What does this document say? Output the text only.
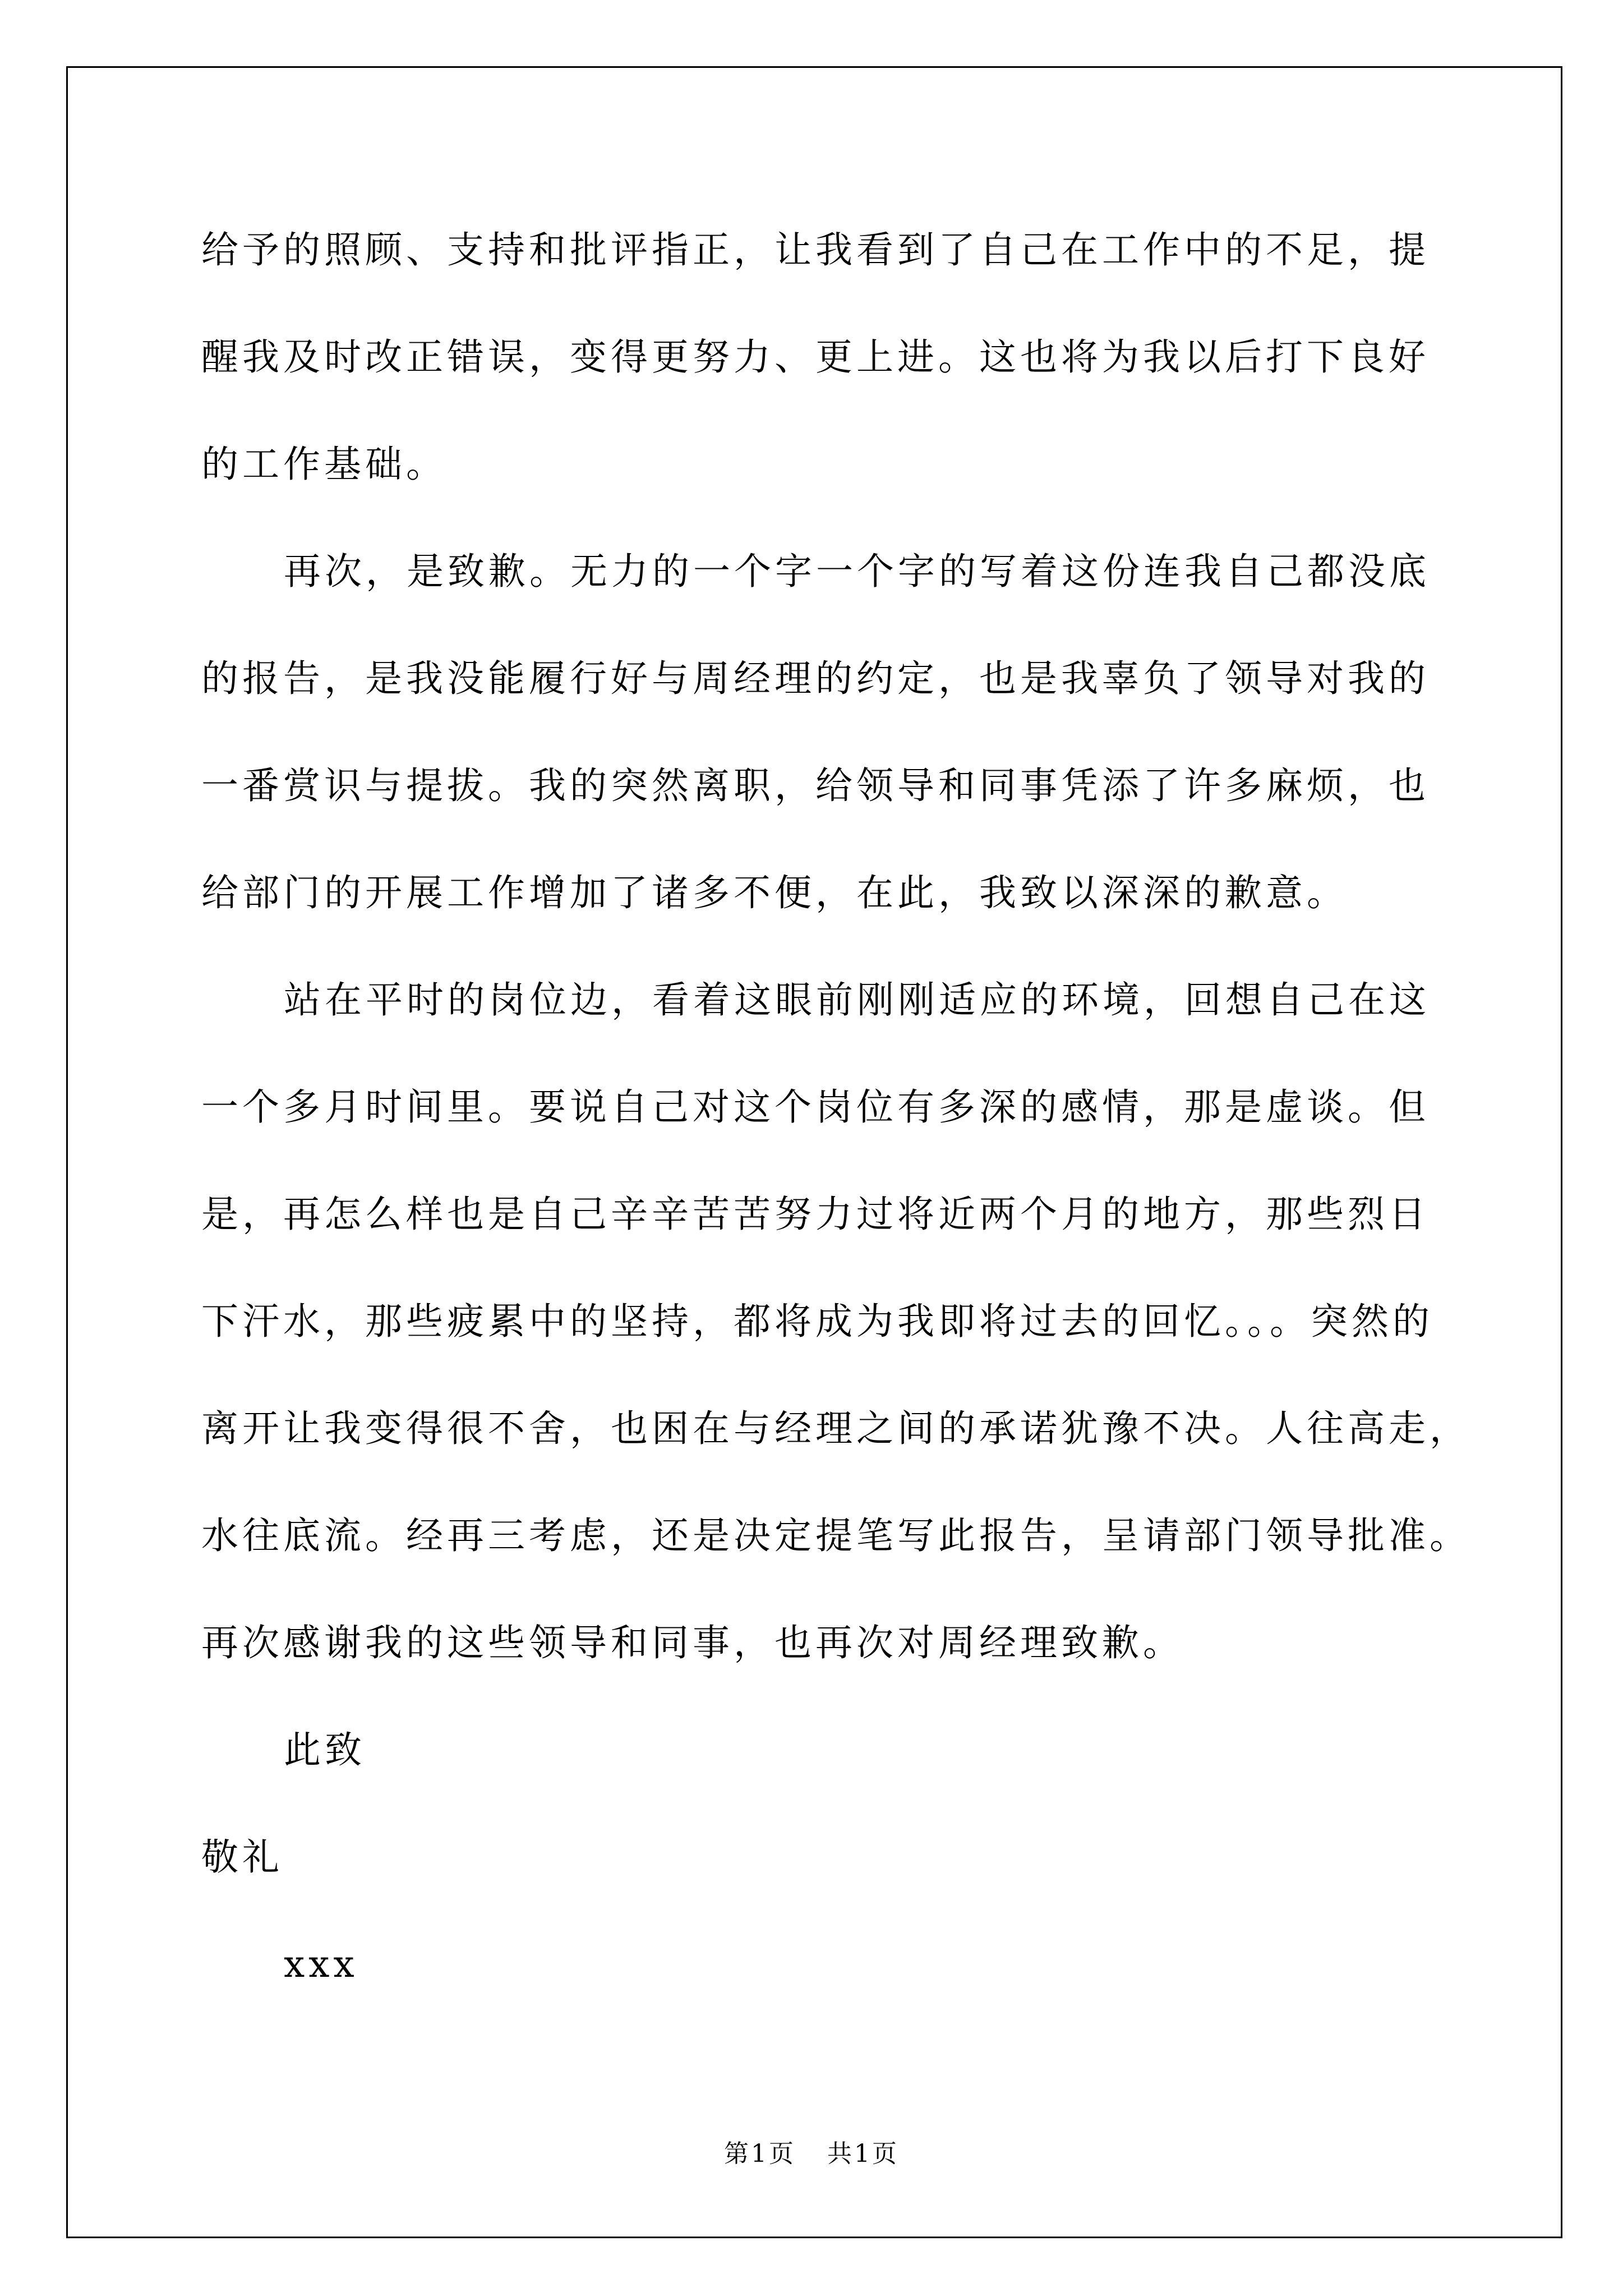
给予的照顾、支持和批评指正，让我看到了自己在工作中的不足，提
醒我及时改正错误，变得更努力、更上进。这也将为我以后打下良好
的工作基础。
再次，是致歉。无力的一个字一个字的写着这份连我自己都没底
的报告，是我没能履行好与周经理的约定，也是我辜负了领导对我的
一番赏识与提拔。我的突然离职，给领导和同事凭添了许多麻烦，也
给部门的开展工作增加了诸多不便，在此，我致以深深的歉意。
站在平时的岗位边，看着这眼前刚刚适应的环境，回想自己在这
一个多月时间里。要说自己对这个岗位有多深的感情，那是虚谈。但
是，再怎么样也是自己辛辛苦苦努力过将近两个月的地方，那些烈日
下汗水，那些疲累中的坚持，都将成为我即将过去的回忆。。。突然的
离开让我变得很不舍，也困在与经理之间的承诺犹豫不决。人往高走，
水往底流。经再三考虑，还是决定提笔写此报告，呈请部门领导批准。
再次感谢我的这些领导和同事，也再次对周经理致歉。
此致
敬礼
xxx
第1页 共1页
